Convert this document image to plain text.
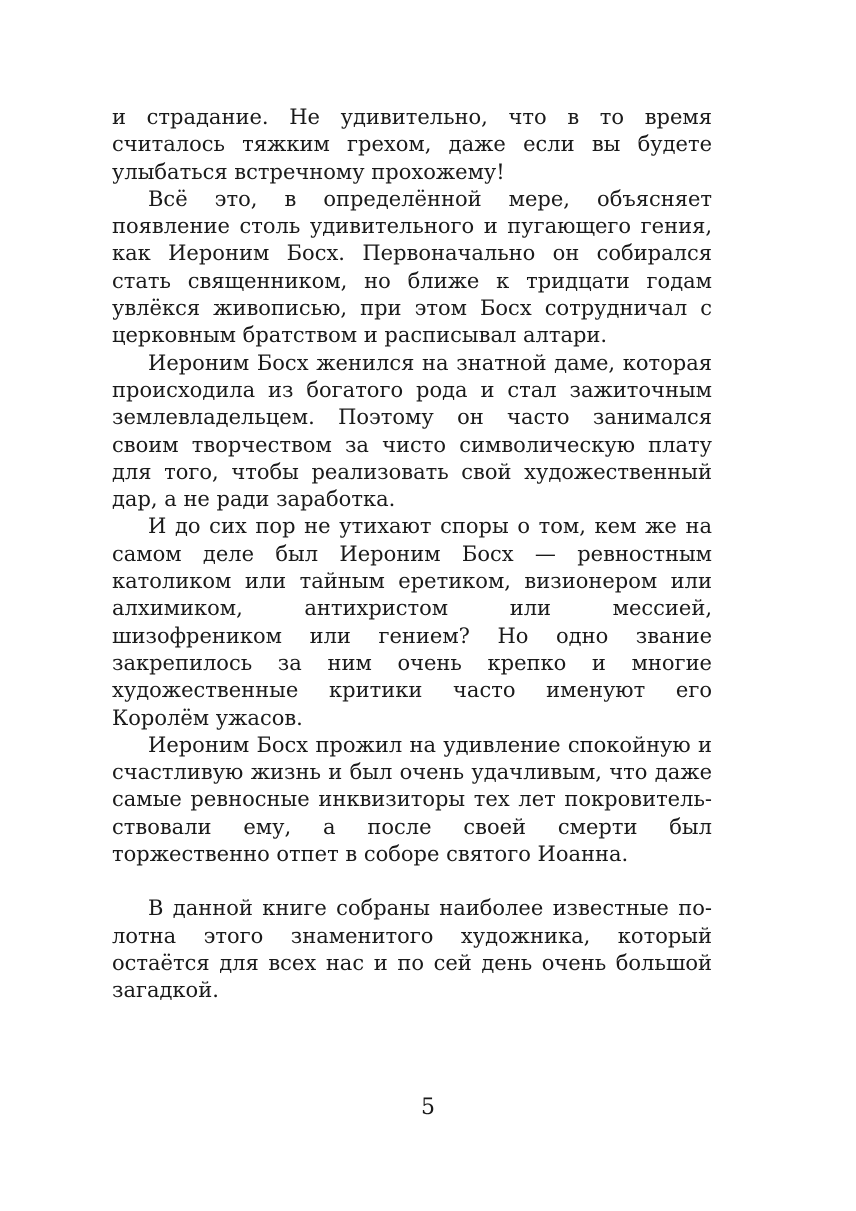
и страдание. Не удивительно, что в то время считалось тяжким грехом, даже если вы будете улыбаться встречному прохожему!

Всё это, в определённой мере, объясняет появление столь удивительного и пугающего гения, как Иероним Босх. Первоначально он собирался стать священником, но ближе к тридцати годам увлёкся живописью, при этом Босх сотрудничал с церковным братством и расписывал алтари.

Иероним Босх женился на знатной даме, которая происходила из богатого рода и стал зажиточным землевладельцем. Поэтому он часто занимался своим творчеством за чисто символическую плату для того, чтобы реализовать свой художественный дар, а не ради заработка.

И до сих пор не утихают споры о том, кем же на самом деле был Иероним Босх — ревностным католиком или тайным еретиком, визионером или алхимиком, антихристом или мессией, шизофреником или гением? Но одно звание закрепилось за ним очень крепко и многие художественные критики часто именуют его Королём ужасов.

Иероним Босх прожил на удивление спокойную и счастливую жизнь и был очень удачливым, что даже самые ревносные инквизиторы тех лет покровительствовали ему, а после своей смерти был торжественно отпет в соборе святого Иоанна.

В данной книге собраны наиболее известные полотна этого знаменитого художника, который остаётся для всех нас и по сей день очень большой загадкой.

5
